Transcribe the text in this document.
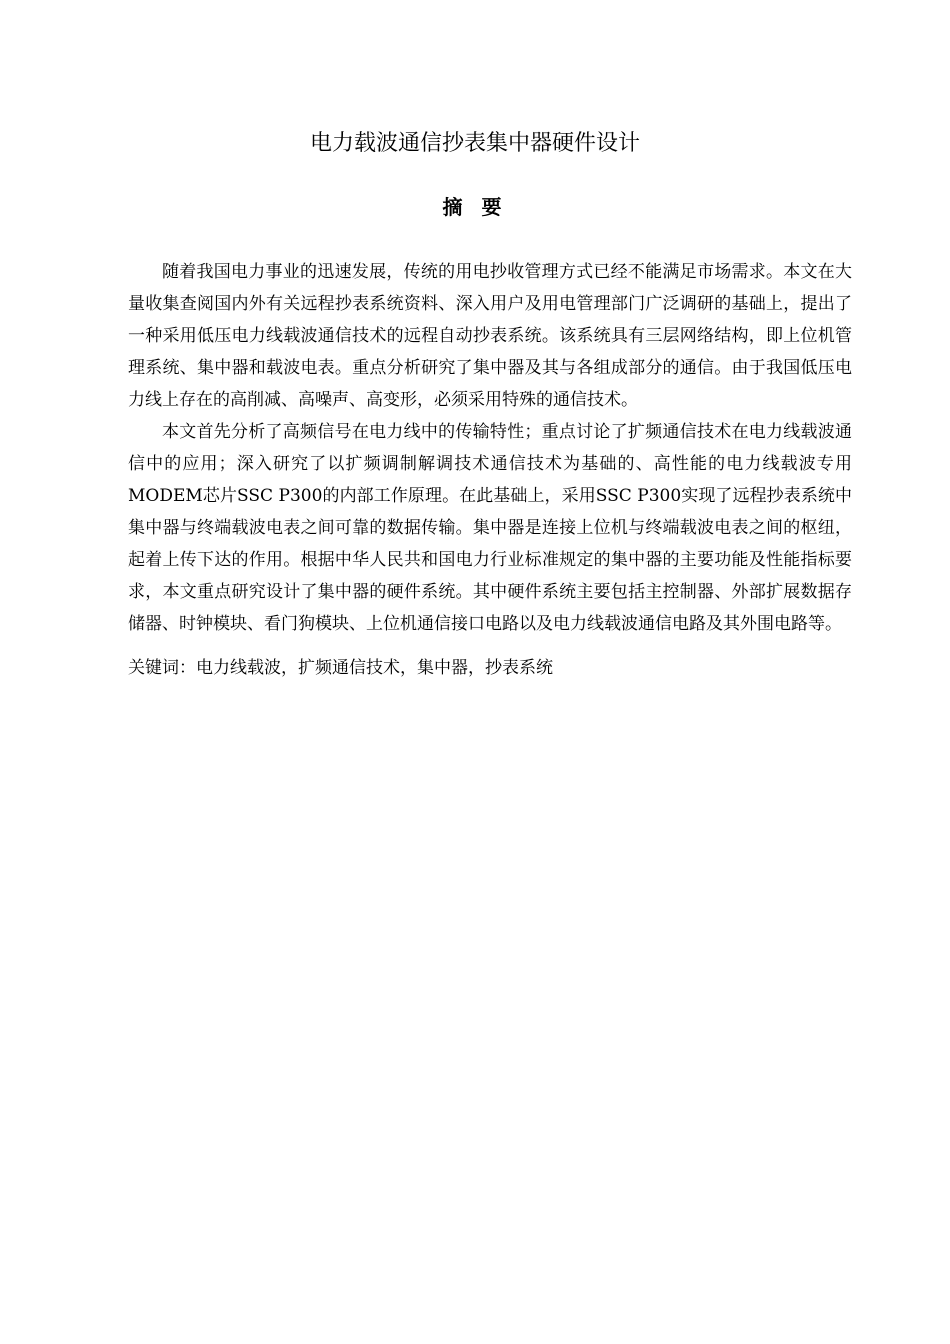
电力载波通信抄表集中器硬件设计
摘 要

随着我国电力事业的迅速发展，传统的用电抄收管理方式已经不能满足市场需求。本文在大量收集查阅国内外有关远程抄表系统资料、深入用户及用电管理部门广泛调研的基础上，提出了一种采用低压电力线载波通信技术的远程自动抄表系统。该系统具有三层网络结构，即上位机管理系统、集中器和载波电表。重点分析研究了集中器及其与各组成部分的通信。由于我国低压电力线上存在的高削减、高噪声、高变形，必须采用特殊的通信技术。

本文首先分析了高频信号在电力线中的传输特性；重点讨论了扩频通信技术在电力线载波通信中的应用；深入研究了以扩频调制解调技术通信技术为基础的、高性能的电力线载波专用MODEM芯片SSC P300的内部工作原理。在此基础上，采用SSC P300实现了远程抄表系统中集中器与终端载波电表之间可靠的数据传输。集中器是连接上位机与终端载波电表之间的枢纽，起着上传下达的作用。根据中华人民共和国电力行业标准规定的集中器的主要功能及性能指标要求，本文重点研究设计了集中器的硬件系统。其中硬件系统主要包括主控制器、外部扩展数据存储器、时钟模块、看门狗模块、上位机通信接口电路以及电力线载波通信电路及其外围电路等。

关键词：电力线载波，扩频通信技术，集中器，抄表系统
